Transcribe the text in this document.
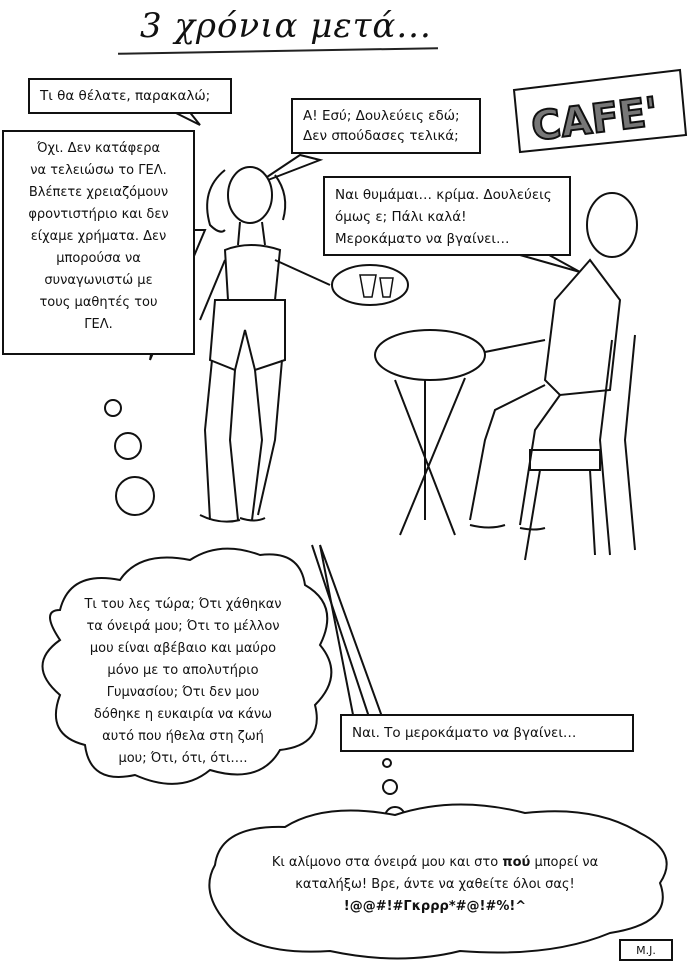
3 χρόνια μετά...
CAFE'
Τι θα θέλατε, παρακαλώ;
Α! Εσύ; Δουλεύεις εδώ;
Δεν σπούδασες τελικά;
Όχι. Δεν κατάφερα
να τελειώσω το ΓΕΛ.
Βλέπετε χρειαζόμουν
φροντιστήριο και δεν
είχαμε χρήματα. Δεν
μπορούσα να
συναγωνιστώ με
τους μαθητές του
ΓΕΛ.
Ναι θυμάμαι… κρίμα. Δουλεύεις
όμως ε; Πάλι καλά!
Μεροκάματο να βγαίνει…
Τι του λες τώρα; Ότι χάθηκαν
τα όνειρά μου; Ότι το μέλλον
μου είναι αβέβαιο και μαύρο
μόνο με το απολυτήριο
Γυμνασίου; Ότι δεν μου
δόθηκε η ευκαιρία να κάνω
αυτό που ήθελα στη ζωή
μου; Ότι, ότι, ότι….
Ναι. Το μεροκάματο να βγαίνει…
Κι αλίμονο στα όνειρά μου και στο πού μπορεί να
καταλήξω! Βρε, άντε να χαθείτε όλοι σας!
!@@#!#Γκρρρ*#@!#%!^
M.J.
